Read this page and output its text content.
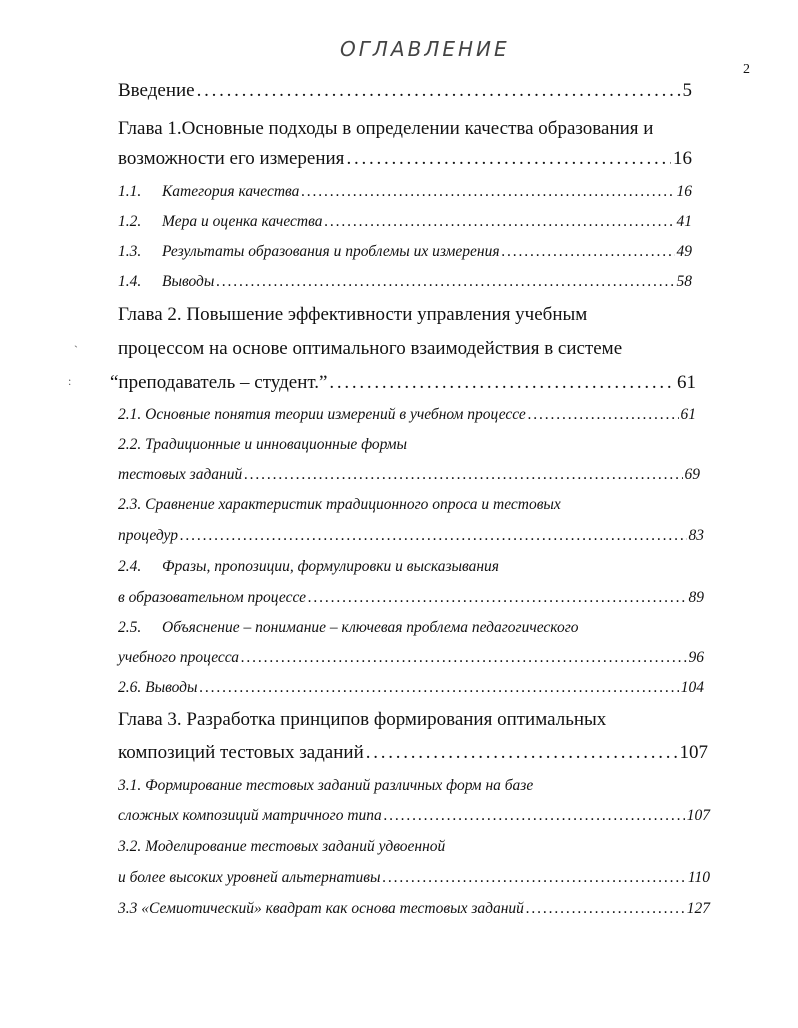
ОГЛАВЛЕНИЕ
2
ˎ
:
Введение . . .	5
Глава 1.Основные подходы в определении качества образования и
возможности его измерения . . .	16
1.1. Категория качества . . .	16
1.2. Мера и оценка качества . . .	41
1.3. Результаты образования и проблемы их измерения . . .	49
1.4. Выводы . . .	58
Глава 2. Повышение эффективности управления учебным
процессом на основе оптимального взаимодействия в системе
“преподаватель – студент.” . . .	61
2.1. Основные понятия теории измерений в учебном процессе . . .	61
2.2. Традиционные и инновационные формы
тестовых заданий . . .	69
2.3. Сравнение характеристик традиционного опроса и тестовых
процедур . . .	83
2.4. Фразы, пропозиции, формулировки и высказывания
в образовательном процессе . . .	89
2.5. Объяснение – понимание – ключевая проблема педагогического
учебного процесса . . .	96
2.6. Выводы . . .	104
Глава 3. Разработка принципов формирования оптимальных
композиций тестовых заданий . . .	107
3.1. Формирование тестовых заданий различных форм на базе
сложных композиций матричного типа . . .	107
3.2. Моделирование тестовых заданий удвоенной
и более высоких уровней альтернативы . . .	110
3.3 «Семиотический» квадрат как основа тестовых заданий . . .	127
